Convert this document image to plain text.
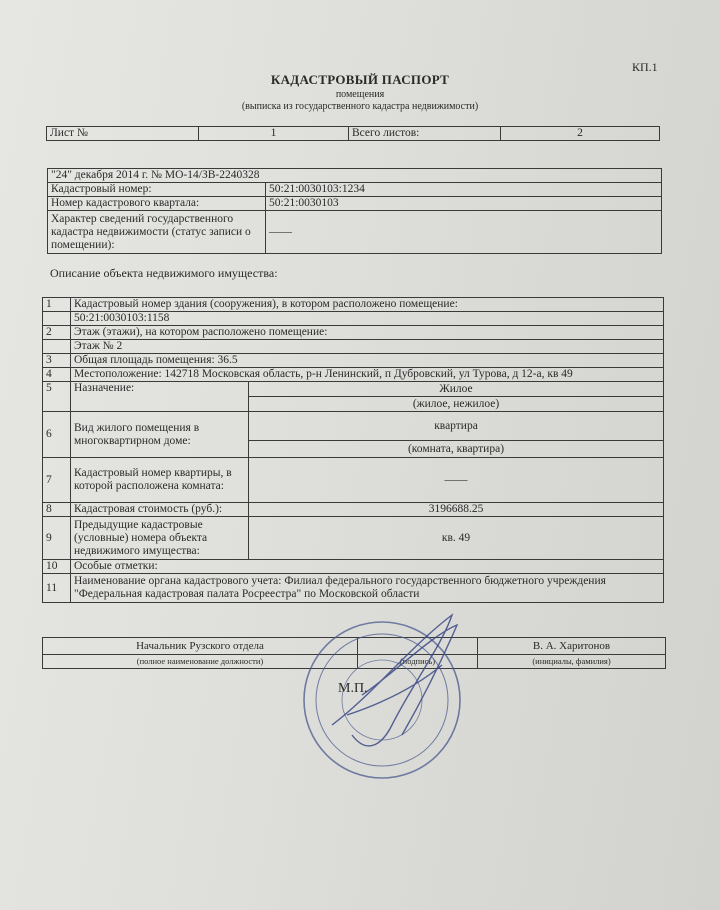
КП.1
КАДАСТРОВЫЙ ПАСПОРТ
помещения
(выписка из государственного кадастра недвижимости)
Лист №	1	Всего листов:	2
"24" декабря 2014 г. № МО-14/ЗВ-2240328	
Кадастровый номер:	50:21:0030103:1234
Номер кадастрового квартала:	50:21:0030103
Характер сведений государственного кадастра недвижимости (статус записи о помещении):	——
Описание объекта недвижимого имущества:
1	Кадастровый номер здания (сооружения), в котором расположено помещение:	
	50:21:0030103:1158	
2	Этаж (этажи), на котором расположено помещение:	
	Этаж № 2	
3	Общая площадь помещения: 36.5	
4	Местоположение: 142718 Московская область, р-н Ленинский, п Дубровский, ул Турова, д 12-а, кв 49	
5	Назначение:	Жилое
		(жилое, нежилое)
6	Вид жилого помещения в многоквартирном доме:	квартира
		(комната, квартира)
7	Кадастровый номер квартиры, в которой расположена комната:	——
8	Кадастровая стоимость (руб.):	3196688.25
9	Предыдущие кадастровые (условные) номера объекта недвижимого имущества:	кв. 49
10	Особые отметки:	
11	Наименование органа кадастрового учета: Филиал федерального государственного бюджетного учреждения "Федеральная кадастровая палата Росреестра" по Московской области	
Начальник Рузского отдела		В. А. Харитонов
(полное наименование должности)	(подпись)	(инициалы, фамилия)
М.П.
